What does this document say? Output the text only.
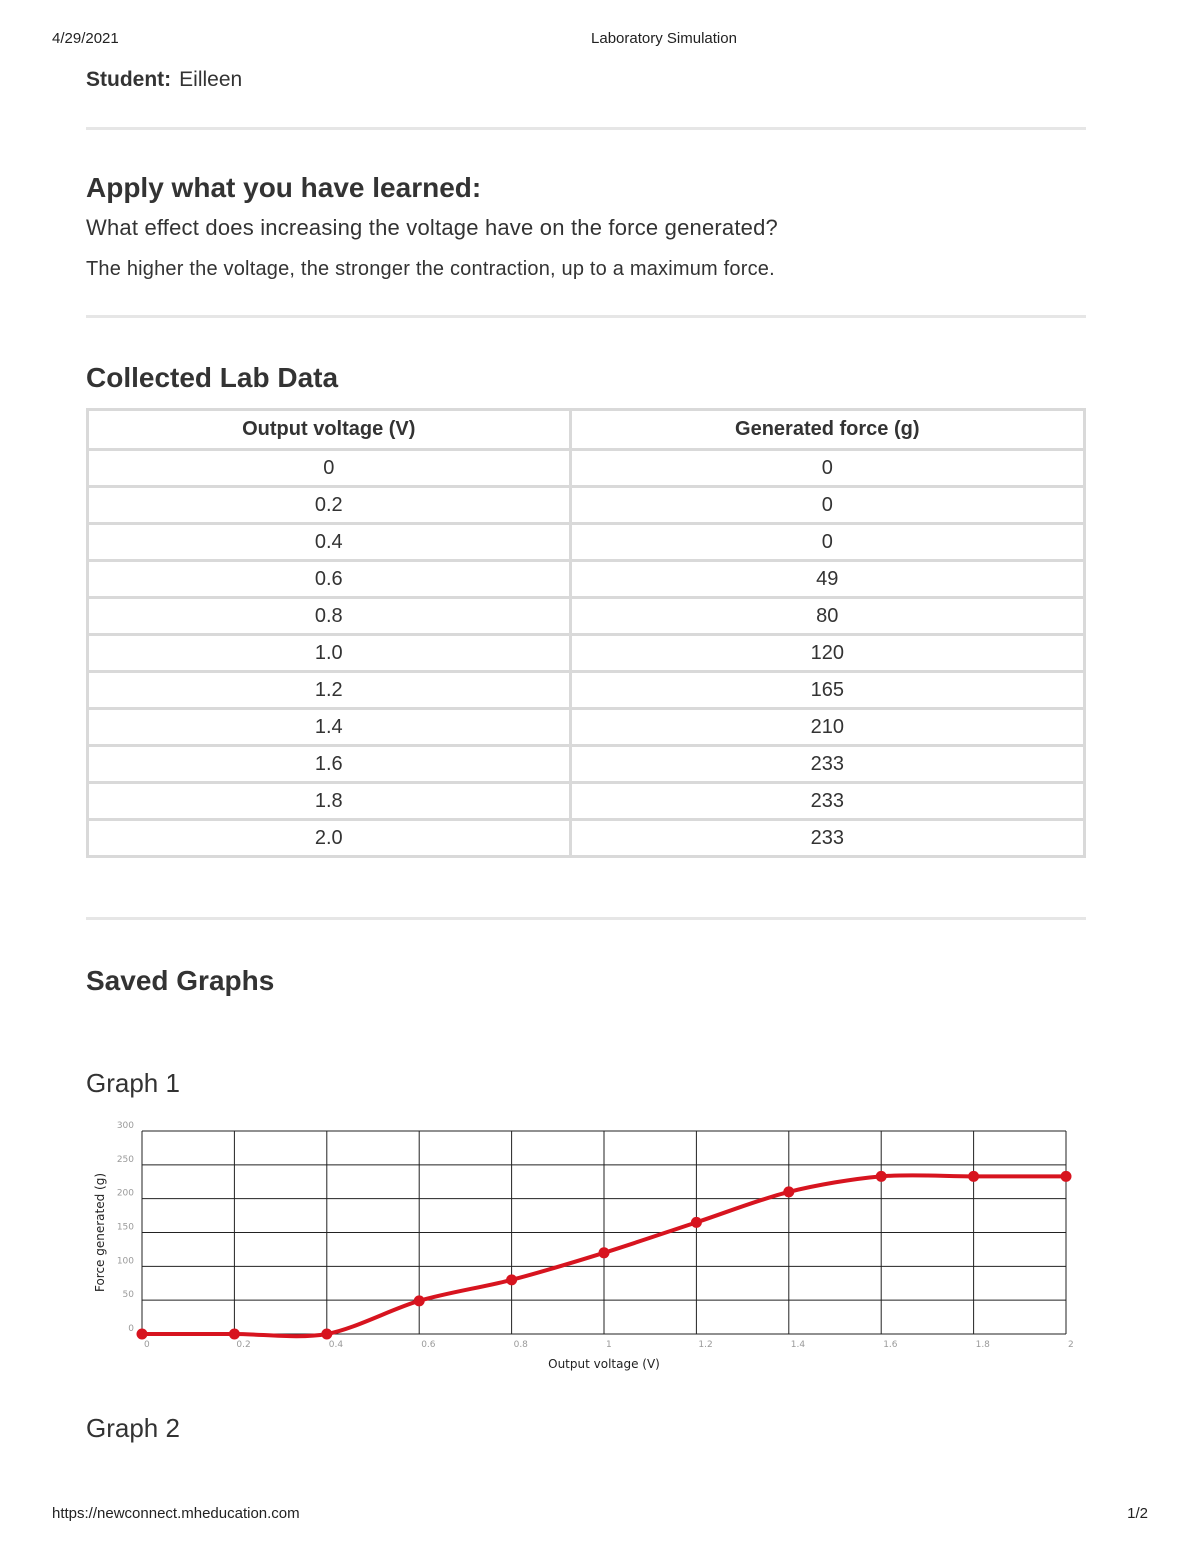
4/29/2021	Laboratory Simulation
Student: Eilleen
Apply what you have learned:
What effect does increasing the voltage have on the force generated?
The higher the voltage, the stronger the contraction, up to a maximum force.
Collected Lab Data
Output voltage (V)	Generated force (g)
0	0
0.2	0
0.4	0
0.6	49
0.8	80
1.0	120
1.2	165
1.4	210
1.6	233
1.8	233
2.0	233
Saved Graphs
Graph 1
0	0.2	0.4	0.6	0.8	1	1.2	1.4	1.6	1.8	2
0
50
100
150
200
250
300
Output voltage (V)
Force generated (g)
Graph 2
https://newconnect.mheducation.com	1/2
